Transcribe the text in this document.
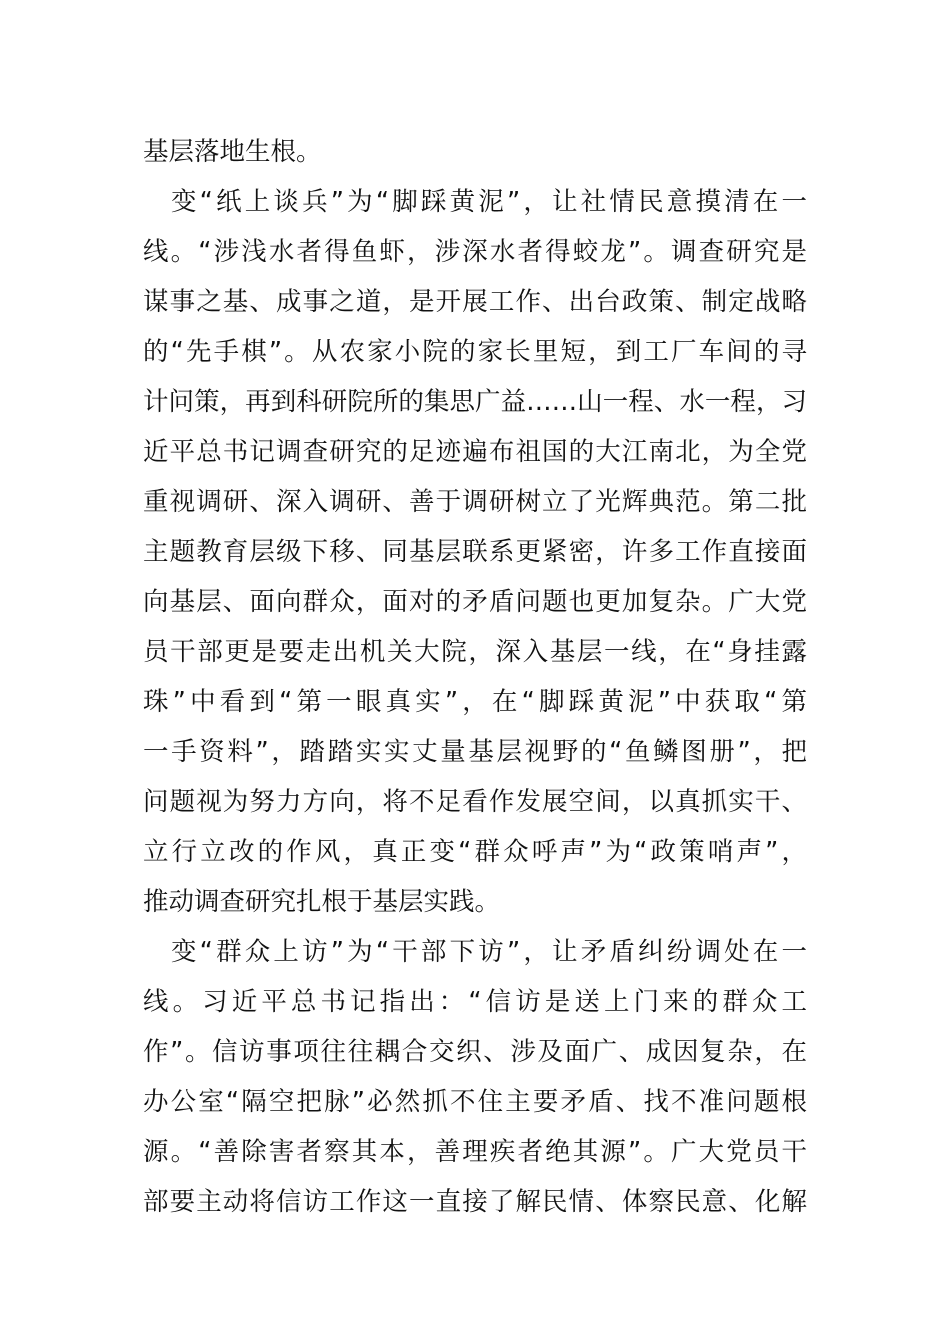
基层落地生根。
变“纸上谈兵”为“脚踩黄泥”，让社情民意摸清在一
线。“涉浅水者得鱼虾，涉深水者得蛟龙”。调查研究是
谋事之基、成事之道，是开展工作、出台政策、制定战略
的“先手棋”。从农家小院的家长里短，到工厂车间的寻
计问策，再到科研院所的集思广益……山一程、水一程，习
近平总书记调查研究的足迹遍布祖国的大江南北，为全党
重视调研、深入调研、善于调研树立了光辉典范。第二批
主题教育层级下移、同基层联系更紧密，许多工作直接面
向基层、面向群众，面对的矛盾问题也更加复杂。广大党
员干部更是要走出机关大院，深入基层一线，在“身挂露
珠”中看到“第一眼真实”，在“脚踩黄泥”中获取“第
一手资料”，踏踏实实丈量基层视野的“鱼鳞图册”，把
问题视为努力方向，将不足看作发展空间，以真抓实干、
立行立改的作风，真正变“群众呼声”为“政策哨声”，
推动调查研究扎根于基层实践。
变“群众上访”为“干部下访”，让矛盾纠纷调处在一
线。习近平总书记指出：“信访是送上门来的群众工
作”。信访事项往往耦合交织、涉及面广、成因复杂，在
办公室“隔空把脉”必然抓不住主要矛盾、找不准问题根
源。“善除害者察其本，善理疾者绝其源”。广大党员干
部要主动将信访工作这一直接了解民情、体察民意、化解
